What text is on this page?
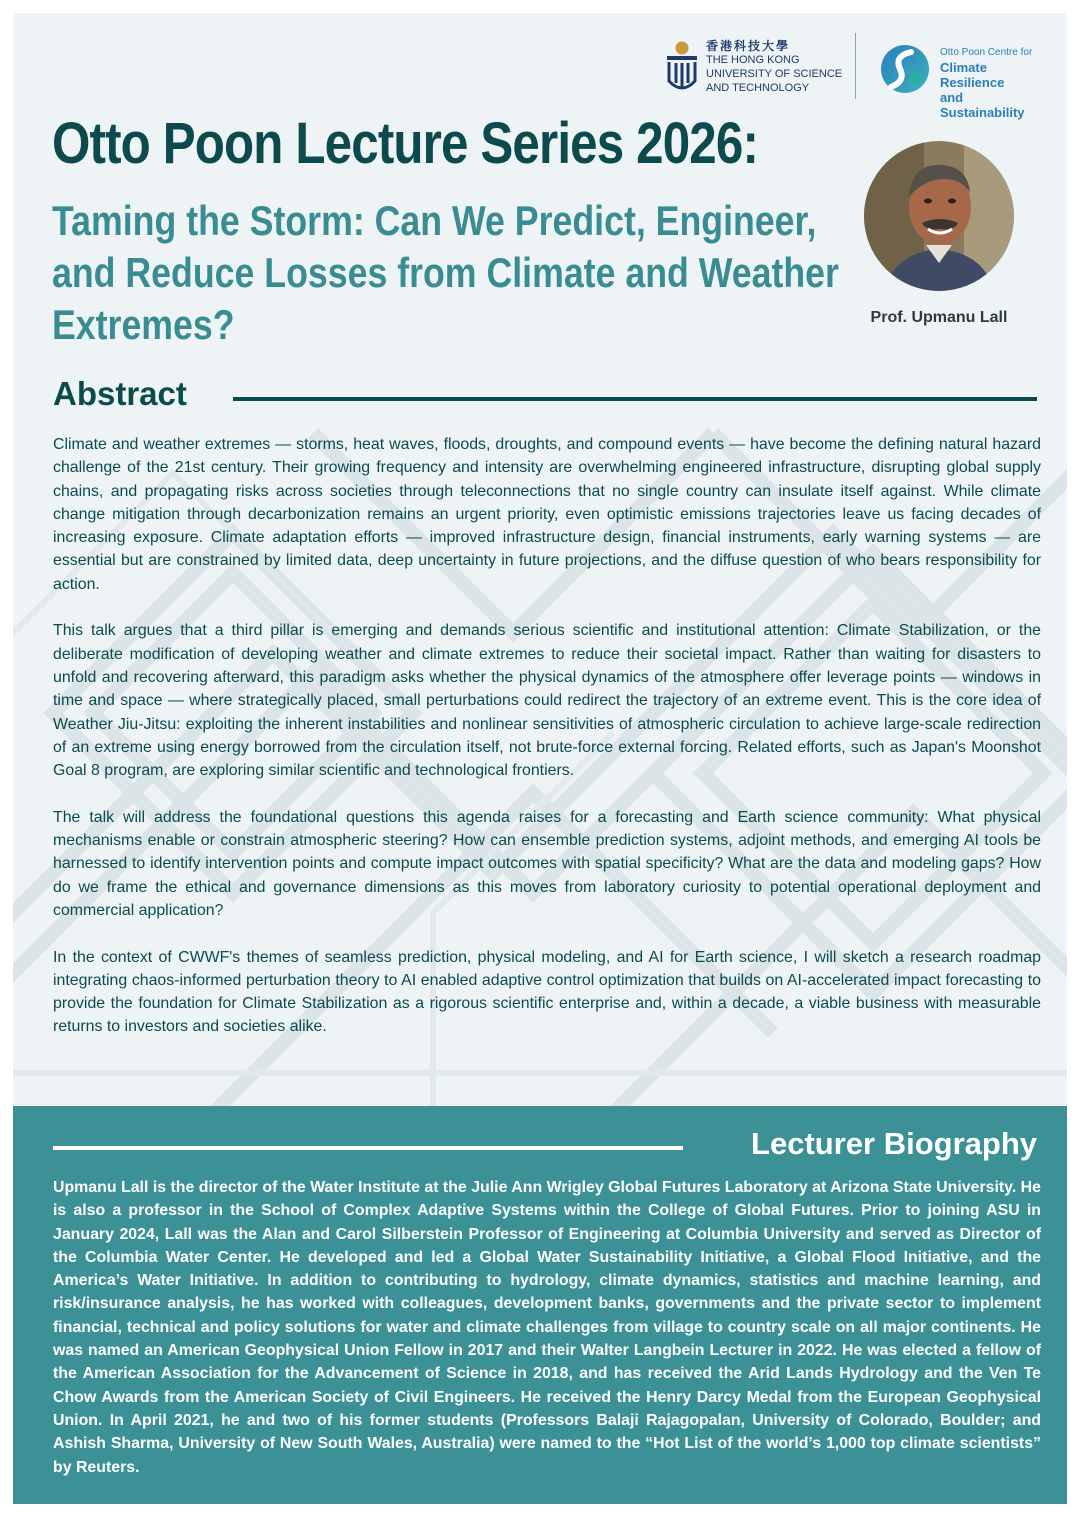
香港科技大學
THE HONG KONG
UNIVERSITY OF SCIENCE
AND TECHNOLOGY
Otto Poon Centre for
Climate Resilience
and Sustainability
Otto Poon Lecture Series 2026:
Taming the Storm: Can We Predict, Engineer, and Reduce Losses from Climate and Weather Extremes?	Prof. Upmanu Lall
Abstract

Climate and weather extremes — storms, heat waves, floods, droughts, and compound events — have become the defining natural hazard challenge of the 21st century. Their growing frequency and intensity are overwhelming engineered infrastructure, disrupting global supply chains, and propagating risks across societies through teleconnections that no single country can insulate itself against. While climate change mitigation through decarbonization remains an urgent priority, even optimistic emissions trajectories leave us facing decades of increasing exposure. Climate adaptation efforts — improved infrastructure design, financial instruments, early warning systems — are essential but are constrained by limited data, deep uncertainty in future projections, and the diffuse question of who bears responsibility for action.

This talk argues that a third pillar is emerging and demands serious scientific and institutional attention: Climate Stabilization, or the deliberate modification of developing weather and climate extremes to reduce their societal impact. Rather than waiting for disasters to unfold and recovering afterward, this paradigm asks whether the physical dynamics of the atmosphere offer leverage points — windows in time and space — where strategically placed, small perturbations could redirect the trajectory of an extreme event. This is the core idea of Weather Jiu-Jitsu: exploiting the inherent instabilities and nonlinear sensitivities of atmospheric circulation to achieve large-scale redirection of an extreme using energy borrowed from the circulation itself, not brute-force external forcing. Related efforts, such as Japan's Moonshot Goal 8 program, are exploring similar scientific and technological frontiers.

The talk will address the foundational questions this agenda raises for a forecasting and Earth science community: What physical mechanisms enable or constrain atmospheric steering? How can ensemble prediction systems, adjoint methods, and emerging AI tools be harnessed to identify intervention points and compute impact outcomes with spatial specificity? What are the data and modeling gaps? How do we frame the ethical and governance dimensions as this moves from laboratory curiosity to potential operational deployment and commercial application?

In the context of CWWF's themes of seamless prediction, physical modeling, and AI for Earth science, I will sketch a research roadmap integrating chaos-informed perturbation theory to AI enabled adaptive control optimization that builds on AI-accelerated impact forecasting to provide the foundation for Climate Stabilization as a rigorous scientific enterprise and, within a decade, a viable business with measurable returns to investors and societies alike.

Lecturer Biography

Upmanu Lall is the director of the Water Institute at the Julie Ann Wrigley Global Futures Laboratory at Arizona State University. He is also a professor in the School of Complex Adaptive Systems within the College of Global Futures. Prior to joining ASU in January 2024, Lall was the Alan and Carol Silberstein Professor of Engineering at Columbia University and served as Director of the Columbia Water Center. He developed and led a Global Water Sustainability Initiative, a Global Flood Initiative, and the America’s Water Initiative. In addition to contributing to hydrology, climate dynamics, statistics and machine learning, and risk/insurance analysis, he has worked with colleagues, development banks, governments and the private sector to implement financial, technical and policy solutions for water and climate challenges from village to country scale on all major continents. He was named an American Geophysical Union Fellow in 2017 and their Walter Langbein Lecturer in 2022. He was elected a fellow of the American Association for the Advancement of Science in 2018, and has received the Arid Lands Hydrology and the Ven Te Chow Awards from the American Society of Civil Engineers. He received the Henry Darcy Medal from the European Geophysical Union. In April 2021, he and two of his former students (Professors Balaji Rajagopalan, University of Colorado, Boulder; and Ashish Sharma, University of New South Wales, Australia) were named to the “Hot List of the world’s 1,000 top climate scientists” by Reuters.
